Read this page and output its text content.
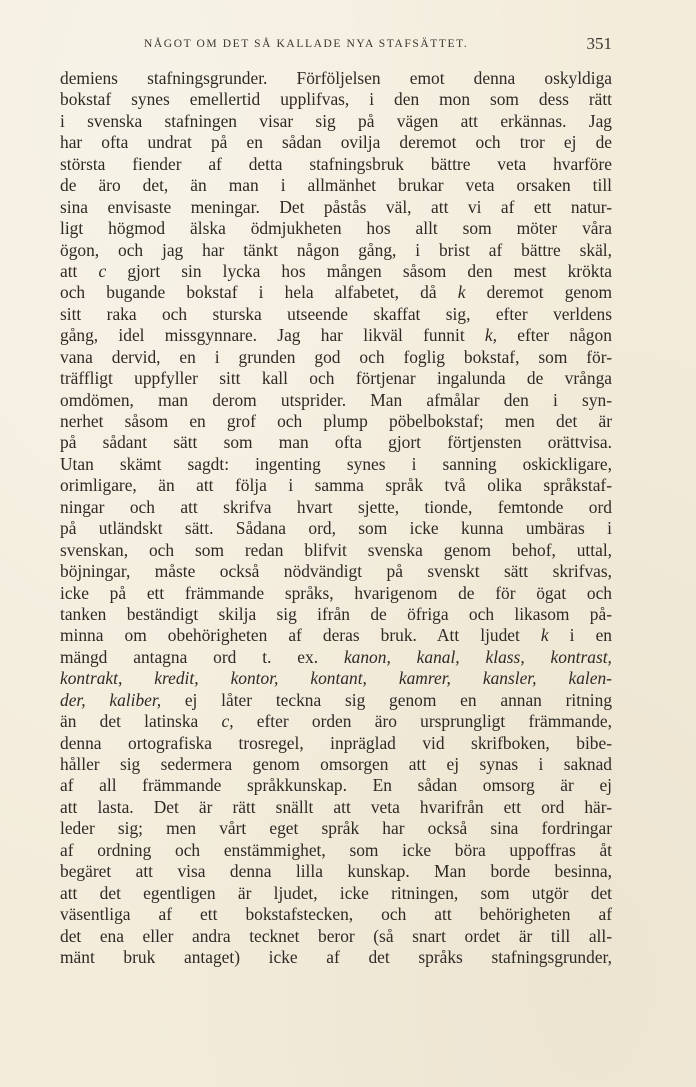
NÅGOT OM DET SÅ KALLADE NYA STAFSÄTTET.	351
demiens stafningsgrunder. Förföljelsen emot denna oskyldiga
bokstaf synes emellertid upplifvas, i den mon som dess rätt
i svenska stafningen visar sig på vägen att erkännas. Jag
har ofta undrat på en sådan ovilja deremot och tror ej de
största fiender af detta stafningsbruk bättre veta hvarföre
de äro det, än man i allmänhet brukar veta orsaken till
sina envisaste meningar. Det påstås väl, att vi af ett natur-
ligt högmod älska ödmjukheten hos allt som möter våra
ögon, och jag har tänkt någon gång, i brist af bättre skäl,
att c gjort sin lycka hos mången såsom den mest krökta
och bugande bokstaf i hela alfabetet, då k deremot genom
sitt raka och sturska utseende skaffat sig, efter verldens
gång, idel missgynnare. Jag har likväl funnit k, efter någon
vana dervid, en i grunden god och foglig bokstaf, som för-
träffligt uppfyller sitt kall och förtjenar ingalunda de vrånga
omdömen, man derom utsprider. Man afmålar den i syn-
nerhet såsom en grof och plump pöbelbokstaf; men det är
på sådant sätt som man ofta gjort förtjensten orättvisa.
Utan skämt sagdt: ingenting synes i sanning oskickligare,
orimligare, än att följa i samma språk två olika språkstaf-
ningar och att skrifva hvart sjette, tionde, femtonde ord
på utländskt sätt. Sådana ord, som icke kunna umbäras i
svenskan, och som redan blifvit svenska genom behof, uttal,
böjningar, måste också nödvändigt på svenskt sätt skrifvas,
icke på ett främmande språks, hvarigenom de för ögat och
tanken beständigt skilja sig ifrån de öfriga och likasom på-
minna om obehörigheten af deras bruk. Att ljudet k i en
mängd antagna ord t. ex. kanon, kanal, klass, kontrast,
kontrakt, kredit, kontor, kontant, kamrer, kansler, kalen-
der, kaliber, ej låter teckna sig genom en annan ritning
än det latinska c, efter orden äro ursprungligt främmande,
denna ortografiska trosregel, inpräglad vid skrifboken, bibe-
håller sig sedermera genom omsorgen att ej synas i saknad
af all främmande språkkunskap. En sådan omsorg är ej
att lasta. Det är rätt snällt att veta hvarifrån ett ord här-
leder sig; men vårt eget språk har också sina fordringar
af ordning och enstämmighet, som icke böra uppoffras åt
begäret att visa denna lilla kunskap. Man borde besinna,
att det egentligen är ljudet, icke ritningen, som utgör det
väsentliga af ett bokstafstecken, och att behörigheten af
det ena eller andra tecknet beror (så snart ordet är till all-
mänt bruk antaget) icke af det språks stafningsgrunder,
